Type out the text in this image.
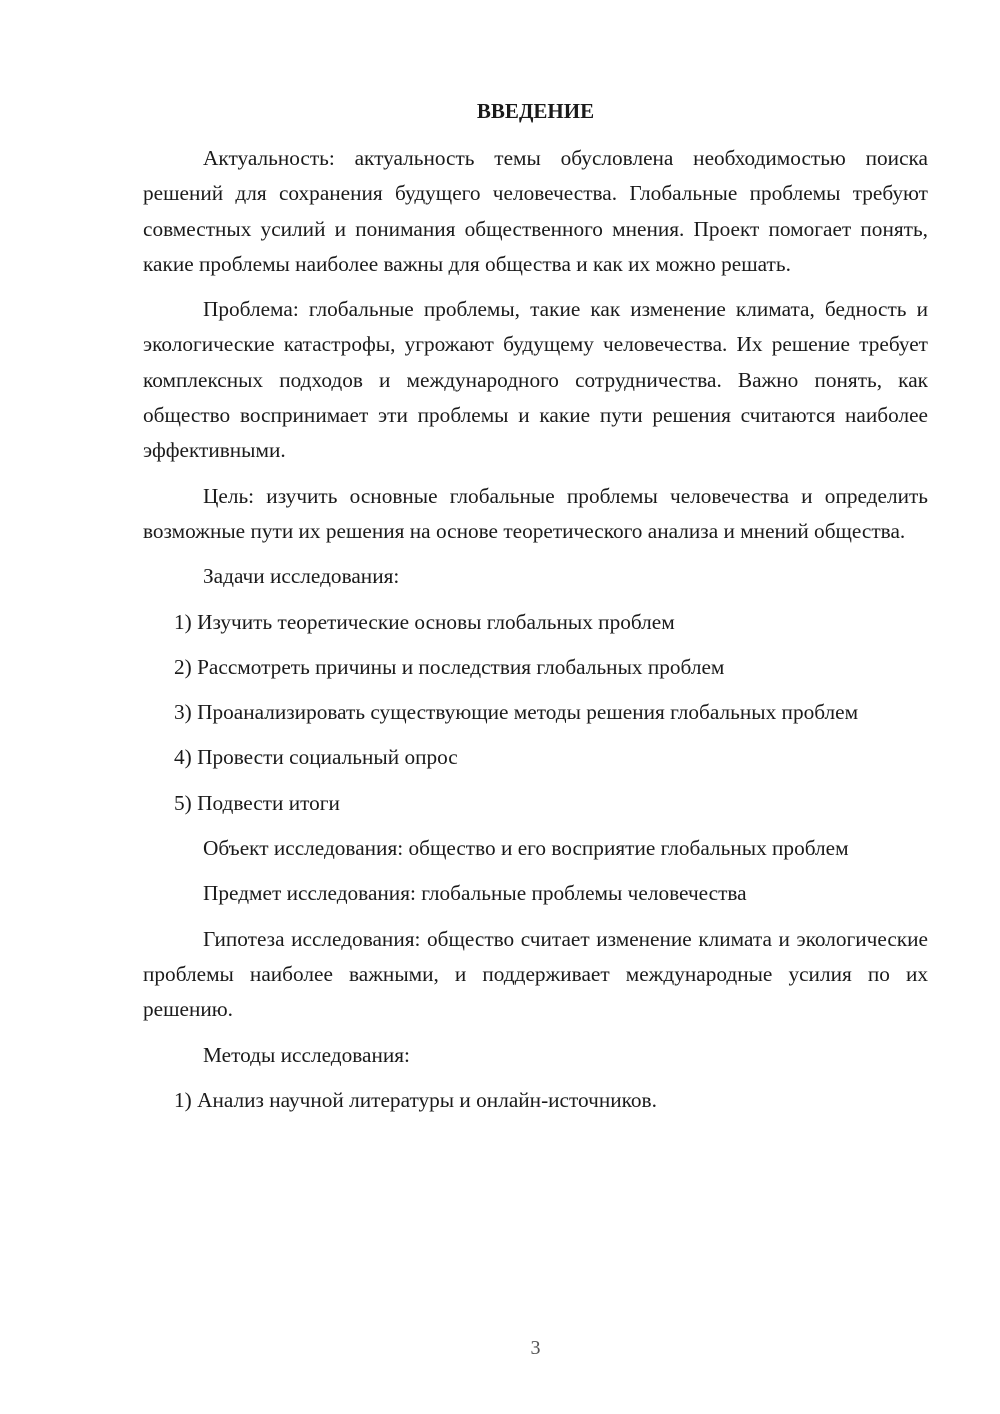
ВВЕДЕНИЕ

Актуальность: актуальность темы обусловлена необходимостью поиска решений для сохранения будущего человечества. Глобальные проблемы требуют совместных усилий и понимания общественного мнения. Проект помогает понять, какие проблемы наиболее важны для общества и как их можно решать.

Проблема: глобальные проблемы, такие как изменение климата, бедность и экологические катастрофы, угрожают будущему человечества. Их решение требует комплексных подходов и международного сотрудничества. Важно понять, как общество воспринимает эти проблемы и какие пути решения считаются наиболее эффективными.

Цель: изучить основные глобальные проблемы человечества и определить возможные пути их решения на основе теоретического анализа и мнений общества.

Задачи исследования:

1) Изучить теоретические основы глобальных проблем

2) Рассмотреть причины и последствия глобальных проблем

3) Проанализировать существующие методы решения глобальных проблем

4) Провести социальный опрос

5) Подвести итоги

Объект исследования: общество и его восприятие глобальных проблем

Предмет исследования: глобальные проблемы человечества

Гипотеза исследования: общество считает изменение климата и экологические проблемы наиболее важными, и поддерживает международные усилия по их решению.

Методы исследования:

1) Анализ научной литературы и онлайн-источников.

3
